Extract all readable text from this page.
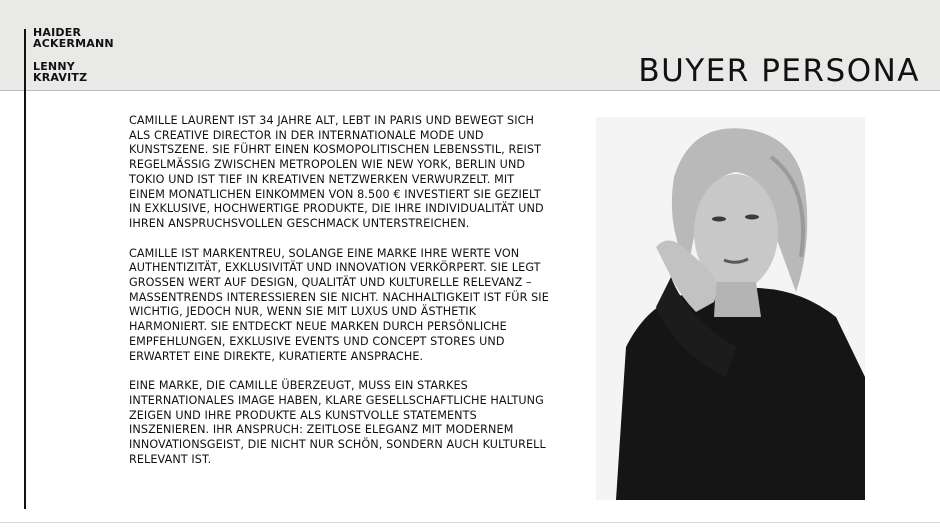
HAIDER

ACKERMANN

LENNY

KRAVITZ	BUYER PERSONA

CAMILLE LAURENT IST 34 JAHRE ALT, LEBT IN PARIS UND BEWEGT SICH ALS CREATIVE DIRECTOR IN DER INTERNATIONALE MODE UND KUNSTSZENE. SIE FÜHRT EINEN KOSMOPOLITISCHEN LEBENSSTIL, REIST REGELMÄSSIG ZWISCHEN METROPOLEN WIE NEW YORK, BERLIN UND TOKIO UND IST TIEF IN KREATIVEN NETZWERKEN VERWURZELT. MIT EINEM MONATLICHEN EINKOMMEN VON 8.500 € INVESTIERT SIE GEZIELT IN EXKLUSIVE, HOCHWERTIGE PRODUKTE, DIE IHRE INDIVIDUALITÄT UND IHREN ANSPRUCHSVOLLEN GESCHMACK UNTERSTREICHEN.

CAMILLE IST MARKENTREU, SOLANGE EINE MARKE IHRE WERTE VON AUTHENTIZITÄT, EXKLUSIVITÄT UND INNOVATION VERKÖRPERT. SIE LEGT GROSSEN WERT AUF DESIGN, QUALITÄT UND KULTURELLE RELEVANZ – MASSENTRENDS INTERESSIEREN SIE NICHT. NACHHALTIGKEIT IST FÜR SIE WICHTIG, JEDOCH NUR, WENN SIE MIT LUXUS UND ÄSTHETIK HARMONIERT. SIE ENTDECKT NEUE MARKEN DURCH PERSÖNLICHE EMPFEHLUNGEN, EXKLUSIVE EVENTS UND CONCEPT STORES UND ERWARTET EINE DIREKTE, KURATIERTE ANSPRACHE.

EINE MARKE, DIE CAMILLE ÜBERZEUGT, MUSS EIN STARKES INTERNATIONALES IMAGE HABEN, KLARE GESELLSCHAFTLICHE HALTUNG ZEIGEN UND IHRE PRODUKTE ALS KUNSTVOLLE STATEMENTS INSZENIEREN. IHR ANSPRUCH: ZEITLOSE ELEGANZ MIT MODERNEM INNOVATIONSGEIST, DIE NICHT NUR SCHÖN, SONDERN AUCH KULTURELL RELEVANT IST.
